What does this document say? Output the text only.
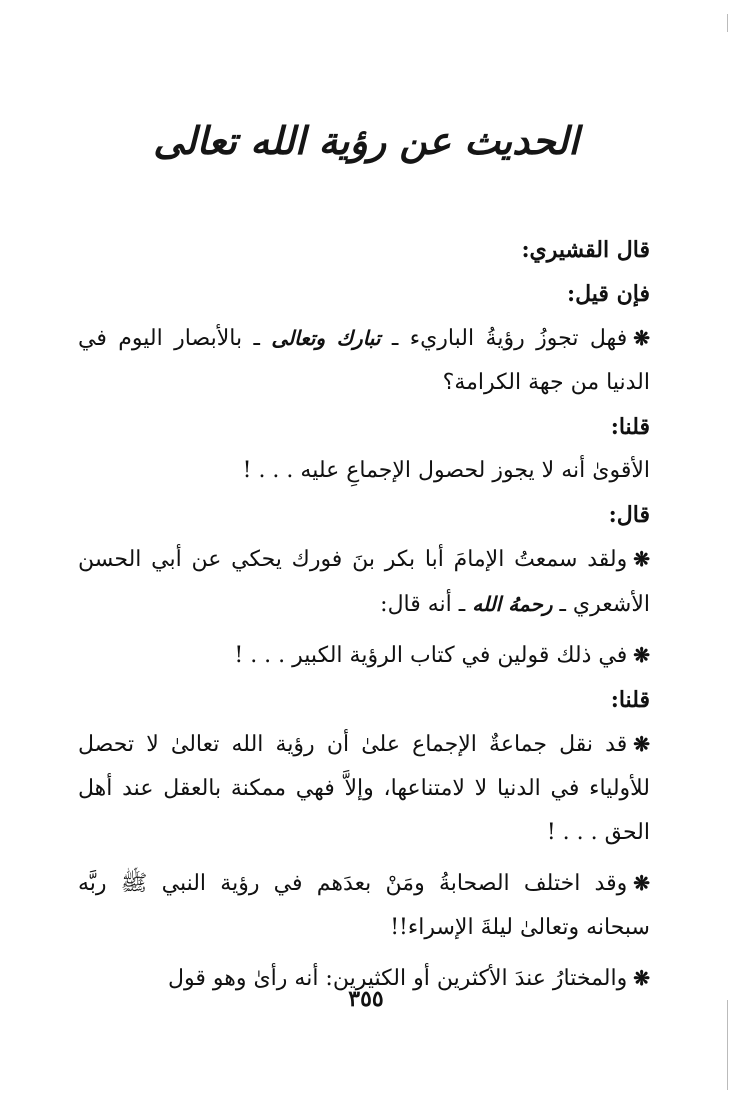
الحديث عن رؤية الله تعالى

قال القشيري:

فإن قيل:

❋فهل تجوزُ رؤيةُ الباريء ـ تبارك وتعالى ـ بالأبصار اليوم في الدنيا من جهة الكرامة؟

قلنا:

الأقوىٰ أنه لا يجوز لحصول الإجماعِ عليه . . . !

قال:

❋ولقد سمعتُ الإمامَ أبا بكر بنَ فورك يحكي عن أبي الحسن الأشعري ـ رحمهُ الله ـ أنه قال:

❋في ذلك قولين في كتاب الرؤية الكبير . . . !

قلنا:

❋قد نقل جماعةٌ الإجماع علىٰ أن رؤية الله تعالىٰ لا تحصل للأولياء في الدنيا لا لامتناعها، وإلاَّ فهي ممكنة بالعقل عند أهل الحق . . . !

❋وقد اختلف الصحابةُ ومَنْ بعدَهم في رؤية النبي ﷺ ربَّه سبحانه وتعالىٰ ليلةَ الإسراء!!

❋والمختارُ عندَ الأكثرين أو الكثيرين: أنه رأىٰ وهو قول

٣٥٥
